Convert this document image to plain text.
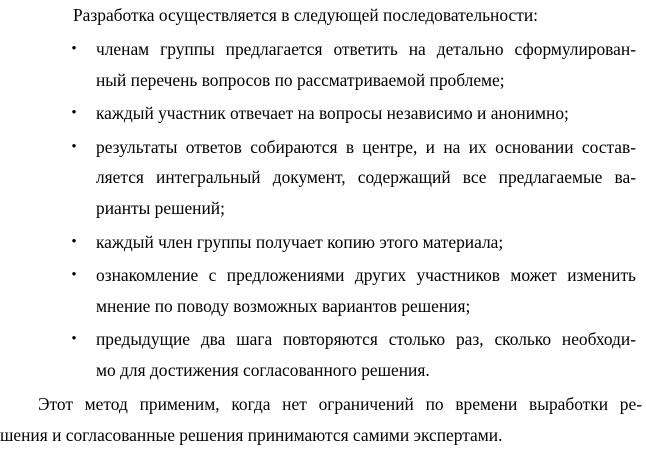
Разработка осуществляется в следующей последовательности:

• членам группы предлагается ответить на детально сформулирован-
ный перечень вопросов по рассматриваемой проблеме;
• каждый участник отвечает на вопросы независимо и анонимно;
• результаты ответов собираются в центре, и на их основании состав-
ляется интегральный документ, содержащий все предлагаемые ва-
рианты решений;
• каждый член группы получает копию этого материала;
• ознакомление с предложениями других участников может изменить
мнение по поводу возможных вариантов решения;
• предыдущие два шага повторяются столько раз, сколько необходи-
мо для достижения согласованного решения.

Этот метод применим, когда нет ограничений по времени выработки ре-
шения и согласованные решения принимаются самими экспертами.
